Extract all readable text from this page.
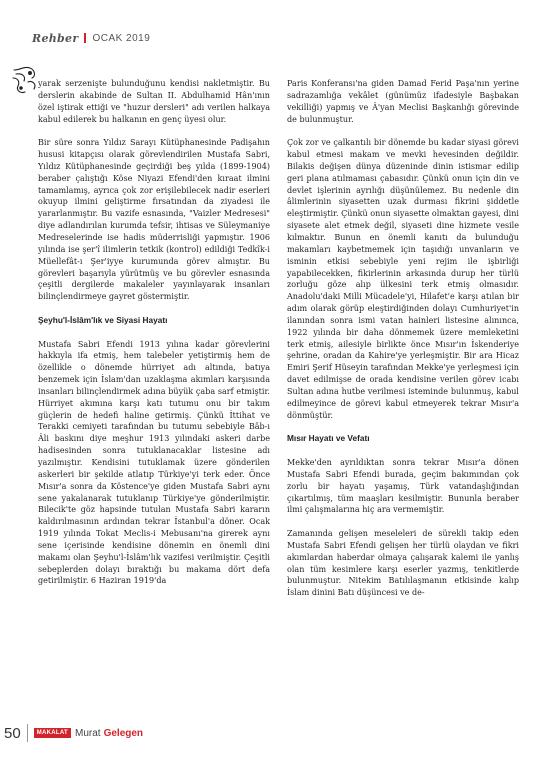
Rehber OCAK 2019

yarak serzenişte bulunduğunu kendisi nakletmiştir. Bu derslerin akabinde de Sultan II. Abdulhamid Hân'ının özel iştirak ettiği ve "huzur dersleri" adı verilen halkaya kabul edilerek bu halkanın en genç üyesi olur.

Bir süre sonra Yıldız Sarayı Kütüphanesinde Padişahın hususi kitapçısı olarak görevlendirilen Mustafa Sabri, Yıldız Kütüphanesinde geçirdiği beş yılda (1899-1904) beraber çalıştığı Köse Niyazi Efendi'den kıraat ilmini tamamlamış, ayrıca çok zor erişilebilecek nadir eserleri okuyup ilmini geliştirme fırsatından da ziyadesi ile yararlanmıştır. Bu vazife esnasında, "Vaizler Medresesi" diye adlandırılan kurumda tefsir, ihtisas ve Süleymaniye Medreselerinde ise hadis müderrisliği yapmıştır. 1906 yılında ise şer'î ilimlerin tetkik (kontrol) edildiği Tedkîk-i Müellefât-ı Şer'iyye kurumunda görev almıştır. Bu görevleri başarıyla yürütmüş ve bu görevler esnasında çeşitli dergilerde makaleler yayınlayarak insanları bilinçlendirmeye gayret göstermiştir.

Şeyhu'l-İslâm'lık ve Siyasi Hayatı

Mustafa Sabri Efendi 1913 yılına kadar görevlerini hakkıyla ifa etmiş, hem talebeler yetiştirmiş hem de özellikle o dönemde hürriyet adı altında, batıya benzemek için İslam'dan uzaklaşma akımları karşısında insanları bilinçlendirmek adına büyük çaba sarf etmiştir. Hürriyet akımına karşı katı tutumu onu bir takım güçlerin de hedefi haline getirmiş. Çünkü İttihat ve Terakki cemiyeti tarafından bu tutumu sebebiyle Bâb-ı Âli baskını diye meşhur 1913 yılındaki askeri darbe hadisesinden sonra tutuklanacaklar listesine adı yazılmıştır. Kendisini tutuklamak üzere gönderilen askerleri bir şekilde atlatıp Türkiye'yi terk eder. Önce Mısır'a sonra da Köstence'ye giden Mustafa Sabri aynı sene yakalanarak tutuklanıp Türkiye'ye gönderilmiştir. Bilecik'te göz hapsinde tutulan Mustafa Sabri kararın kaldırılmasının ardından tekrar İstanbul'a döner. Ocak 1919 yılında Tokat Meclis-i Mebusanı'na girerek aynı sene içerisinde kendisine dönemin en önemli dini makamı olan Şeyhu'l-İslâm'lık vazifesi verilmiştir. Çeşitli sebeplerden dolayı bıraktığı bu makama dört defa getirilmiştir. 6 Haziran 1919'da

Paris Konferansı'na giden Damad Ferid Paşa'nın yerine sadrazamlığa vekâlet (günümüz ifadesiyle Başbakan vekilliği) yapmış ve Â'yan Meclisi Başkanlığı görevinde de bulunmuştur.

Çok zor ve çalkantılı bir dönemde bu kadar siyasi görevi kabul etmesi makam ve mevki hevesinden değildir. Bilakis değişen dünya düzeninde dinin istismar edilip geri plana atılmaması çabasıdır. Çünkü onun için din ve devlet işlerinin ayrılığı düşünülemez. Bu nedenle din âlimlerinin siyasetten uzak durması fikrini şiddetle eleştirmiştir. Çünkü onun siyasette olmaktan gayesi, dini siyasete alet etmek değil, siyaseti dine hizmete vesile kılmaktır. Bunun en önemli kanıtı da bulunduğu makamları kaybetmemek için taşıdığı unvanların ve isminin etkisi sebebiyle yeni rejim ile işbirliği yapabilecekken, fikirlerinin arkasında durup her türlü zorluğu göze alıp ülkesini terk etmiş olmasıdır. Anadolu'daki Milli Mücadele'yi, Hilafet'e karşı atılan bir adım olarak görüp eleştirdiğinden dolayı Cumhuriyet'in ilanından sonra ismi vatan hainleri listesine alınınca, 1922 yılında bir daha dönmemek üzere memleketini terk etmiş, ailesiyle birlikte önce Mısır'ın İskenderiye şehrine, oradan da Kahire'ye yerleşmiştir. Bir ara Hicaz Emiri Şerif Hüseyin tarafından Mekke'ye yerleşmesi için davet edilmişse de orada kendisine verilen görev icabı Sultan adına hutbe verilmesi isteminde bulunmuş, kabul edilmeyince de görevi kabul etmeyerek tekrar Mısır'a dönmüştür.

Mısır Hayatı ve Vefatı

Mekke'den ayrıldıktan sonra tekrar Mısır'a dönen Mustafa Sabri Efendi burada, geçim bakımından çok zorlu bir hayatı yaşamış, Türk vatandaşlığından çıkartılmış, tüm maaşları kesilmiştir. Bununla beraber ilmi çalışmalarına hiç ara vermemiştir.

Zamanında gelişen meseleleri de sürekli takip eden Mustafa Sabri Efendi gelişen her türlü olaydan ve fikri akımlardan haberdar olmaya çalışarak kalemi ile yanlış olan tüm kesimlere karşı eserler yazmış, tenkitlerde bulunmuştur. Nitekim Batılılaşmanın etkisinde kalıp İslam dinini Batı düşüncesi ve de-

50	MAKALAT Murat Gelegen
